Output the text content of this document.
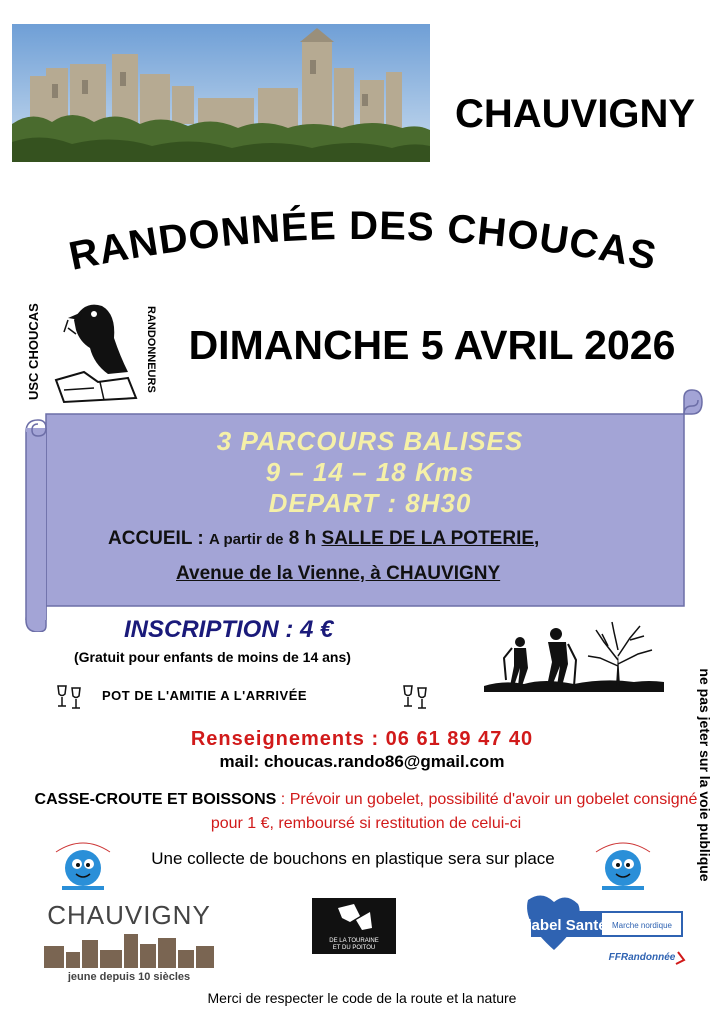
CHAUVIGNY
RANDONNÉE DES CHOUCAS
USC CHOUCAS	RANDONNEURS DIMANCHE 5 AVRIL 2026
3 PARCOURS BALISES
9 – 14 – 18 Kms
DEPART : 8H30
ACCUEIL : A partir de 8 h SALLE DE LA POTERIE,
Avenue de la Vienne, à CHAUVIGNY
INSCRIPTION : 4 €
(Gratuit pour enfants de moins de 14 ans)
POT DE L'AMITIE A L'ARRIVÉE	ne pas jeter sur la voie publique
Renseignements : 06 61 89 47 40
mail: choucas.rando86@gmail.com
CASSE-CROUTE ET BOISSONS : Prévoir un gobelet, possibilité d'avoir un gobelet consigné pour 1 €, remboursé si restitution de celui-ci
Une collecte de bouchons en plastique sera sur place
CHAUVIGNY
jeune depuis 10 siècles
DE LA TOURAINE
ET DU POITOU
label Santé Marche nordique
FFRandonnée
Merci de respecter le code de la route et la nature
